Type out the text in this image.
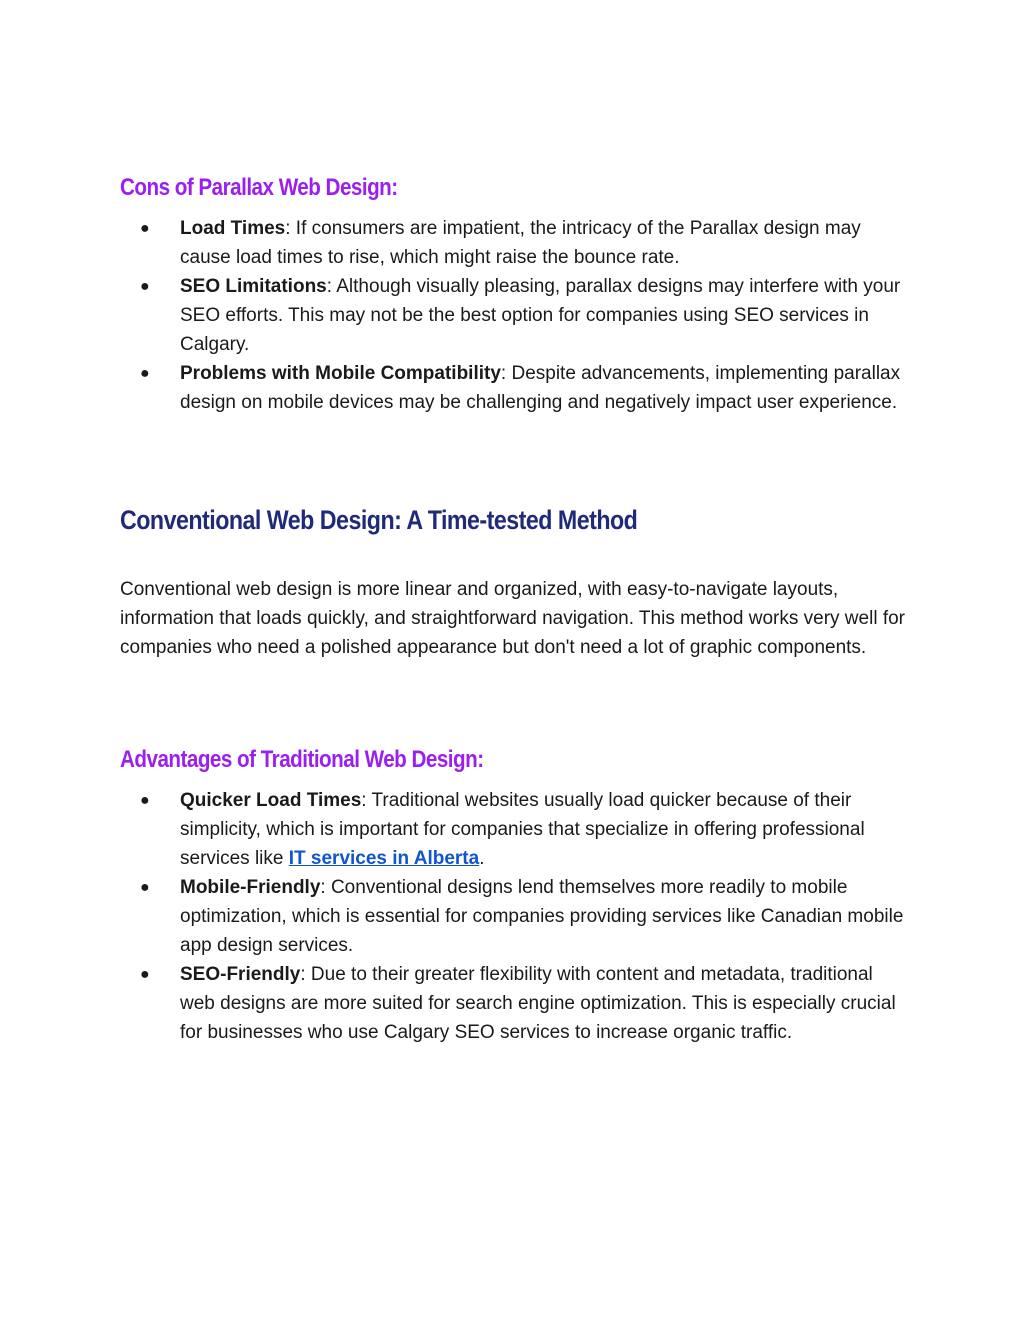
Cons of Parallax Web Design:
● Load Times: If consumers are impatient, the intricacy of the Parallax design may cause load times to rise, which might raise the bounce rate.
● SEO Limitations: Although visually pleasing, parallax designs may interfere with your SEO efforts. This may not be the best option for companies using SEO services in Calgary.
● Problems with Mobile Compatibility: Despite advancements, implementing parallax design on mobile devices may be challenging and negatively impact user experience.
Conventional Web Design: A Time-tested Method

Conventional web design is more linear and organized, with easy-to-navigate layouts, information that loads quickly, and straightforward navigation. This method works very well for companies who need a polished appearance but don't need a lot of graphic components.

Advantages of Traditional Web Design:
● Quicker Load Times: Traditional websites usually load quicker because of their simplicity, which is important for companies that specialize in offering professional services like IT services in Alberta.
● Mobile-Friendly: Conventional designs lend themselves more readily to mobile optimization, which is essential for companies providing services like Canadian mobile app design services.
● SEO-Friendly: Due to their greater flexibility with content and metadata, traditional web designs are more suited for search engine optimization. This is especially crucial for businesses who use Calgary SEO services to increase organic traffic.
